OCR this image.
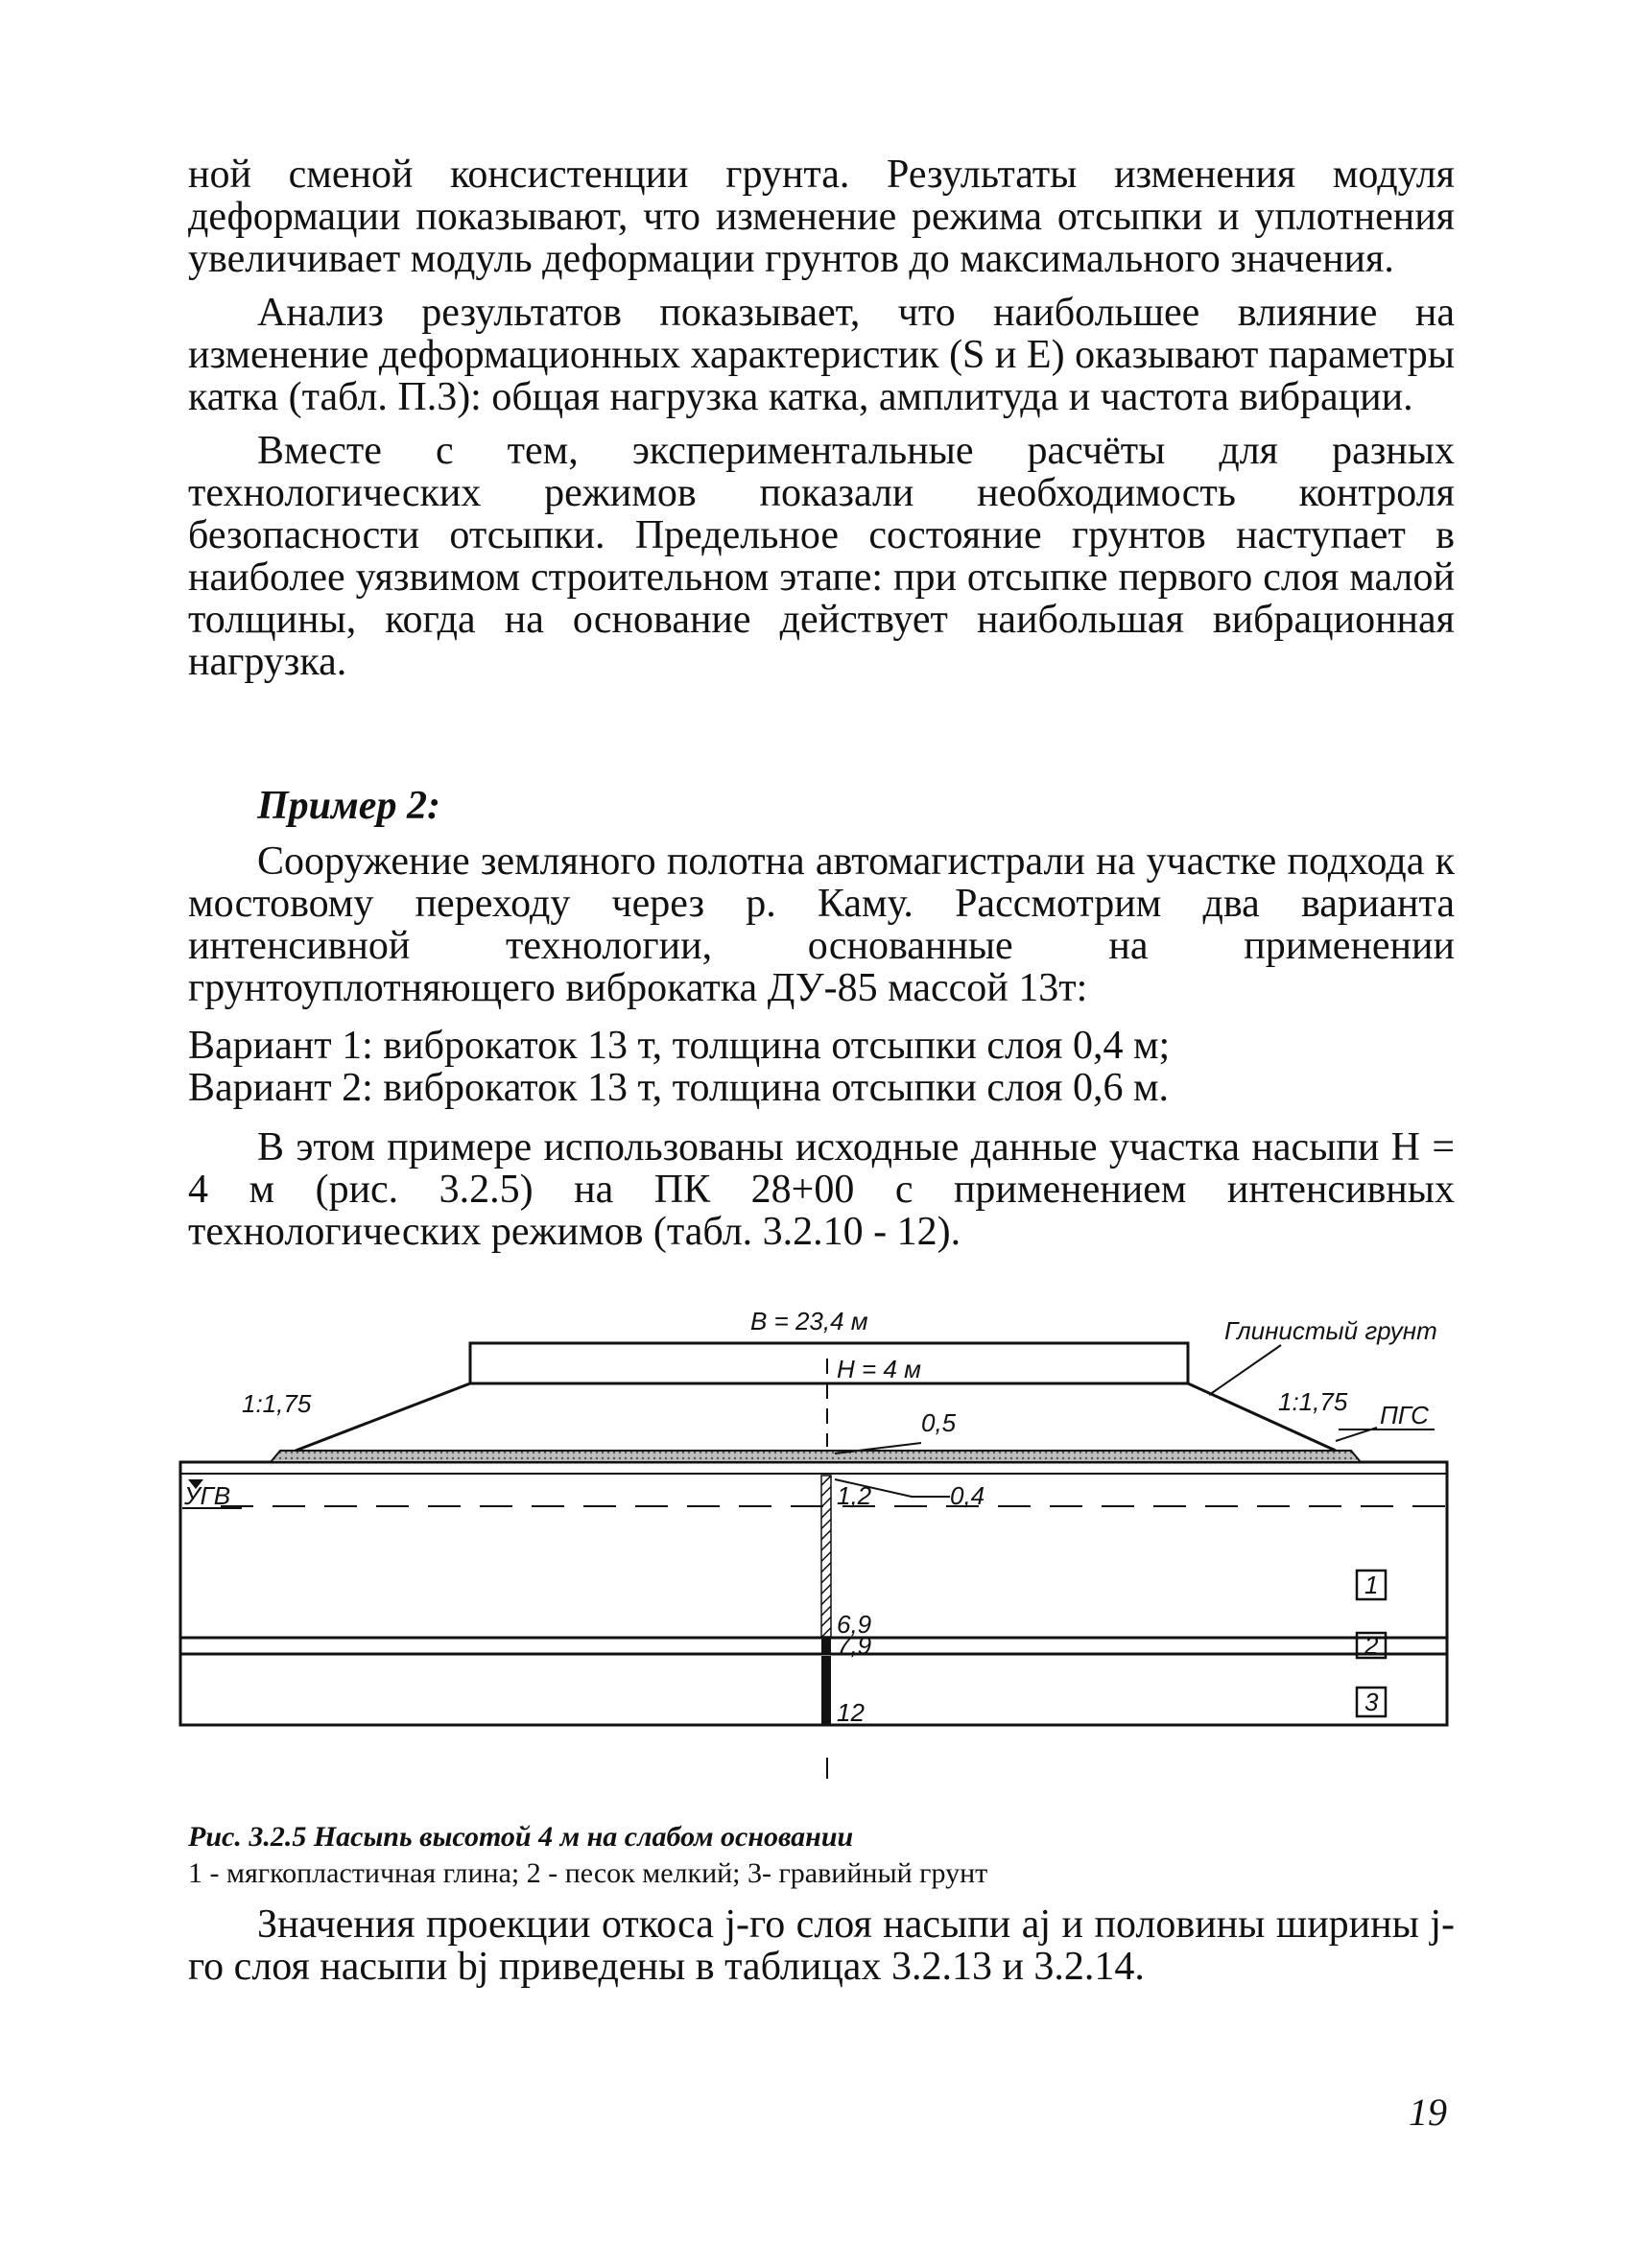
ной сменой консистенции грунта. Результаты изменения модуля деформации показывают, что изменение режима отсыпки и уплотнения увеличивает модуль деформации грунтов до максимального значения.

Анализ результатов показывает, что наибольшее влияние на изменение деформационных характеристик (S и E) оказывают параметры катка (табл. П.3): общая нагрузка катка, амплитуда и частота вибрации.

Вместе с тем, экспериментальные расчёты для разных технологических режимов показали необходимость контроля безопасности отсыпки. Предельное состояние грунтов наступает в наиболее уязвимом строительном этапе: при отсыпке первого слоя малой толщины, когда на основание действует наибольшая вибрационная нагрузка.

Пример 2:

Сооружение земляного полотна автомагистрали на участке подхода к мостовому переходу через р. Каму. Рассмотрим два варианта интенсивной технологии, основанные на применении грунтоуплотняющего виброкатка ДУ-85 массой 13т:

Вариант 1: виброкаток 13 т, толщина отсыпки слоя 0,4 м;

Вариант 2: виброкаток 13 т, толщина отсыпки слоя 0,6 м.

В этом примере использованы исходные данные участка насыпи H = 4 м (рис. 3.2.5) на ПК 28+00 с применением интенсивных технологических режимов (табл. 3.2.10 - 12).

B = 23,4 м
H = 4 м
1:1,75	1:1,75
Глинистый грунт
ПГС
УГВ
0,5
1,2	0,4
6,9
7,9
12
1
2
3

Рис. 3.2.5 Насыпь высотой 4 м на слабом основании

1 - мягкопластичная глина; 2 - песок мелкий; 3- гравийный грунт

Значения проекции откоса j-го слоя насыпи aj и половины ширины j-го слоя насыпи bj приведены в таблицах 3.2.13 и 3.2.14.

19
